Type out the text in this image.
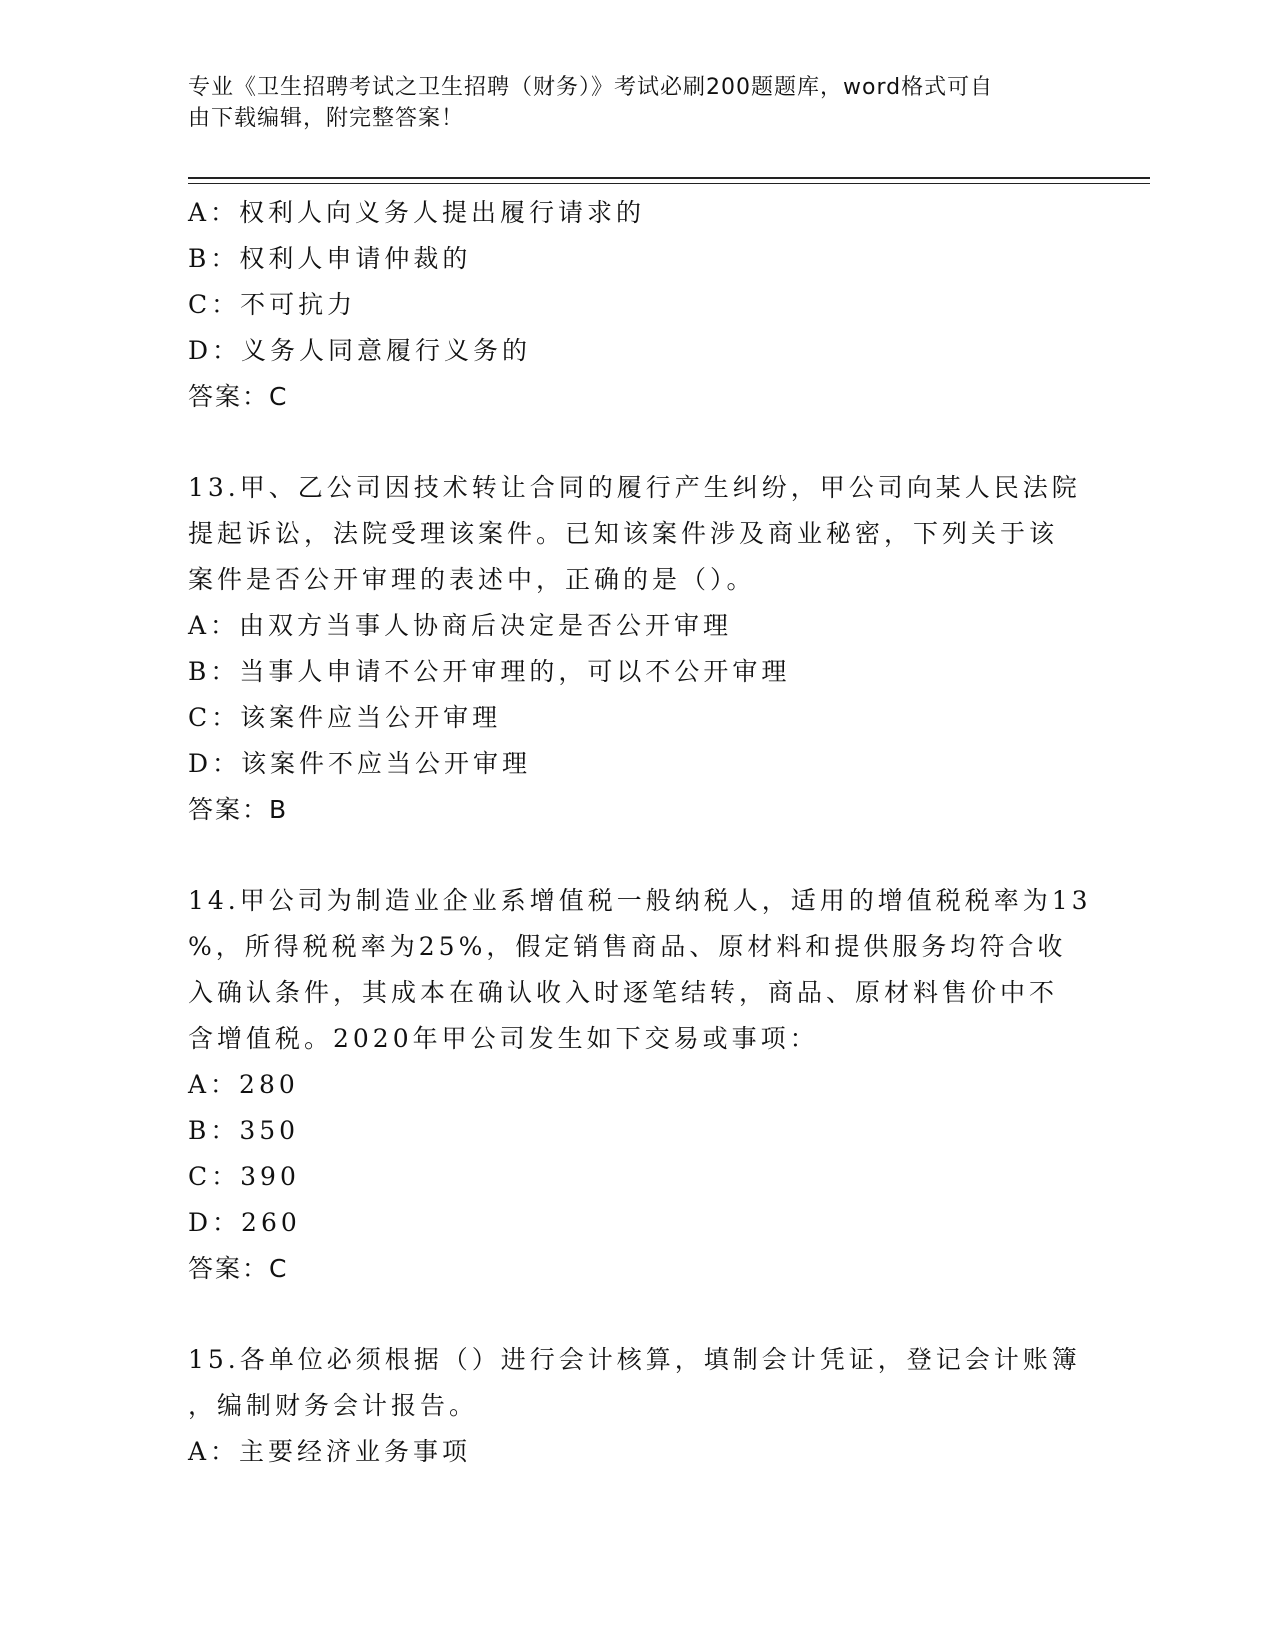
专业《卫生招聘考试之卫生招聘（财务）》考试必刷200题题库，word格式可自
由下载编辑，附完整答案！
A：权利人向义务人提出履行请求的
B：权利人申请仲裁的
C：不可抗力
D：义务人同意履行义务的
答案：C
13.甲、乙公司因技术转让合同的履行产生纠纷，甲公司向某人民法院
提起诉讼，法院受理该案件。已知该案件涉及商业秘密，下列关于该
案件是否公开审理的表述中，正确的是（）。
A：由双方当事人协商后决定是否公开审理
B：当事人申请不公开审理的，可以不公开审理
C：该案件应当公开审理
D：该案件不应当公开审理
答案：B
14.甲公司为制造业企业系增值税一般纳税人，适用的增值税税率为13
%，所得税税率为25%，假定销售商品、原材料和提供服务均符合收
入确认条件，其成本在确认收入时逐笔结转，商品、原材料售价中不
含增值税。2020年甲公司发生如下交易或事项：
A：280
B：350
C：390
D：260
答案：C
15.各单位必须根据（）进行会计核算，填制会计凭证，登记会计账簿
，编制财务会计报告。
A：主要经济业务事项
